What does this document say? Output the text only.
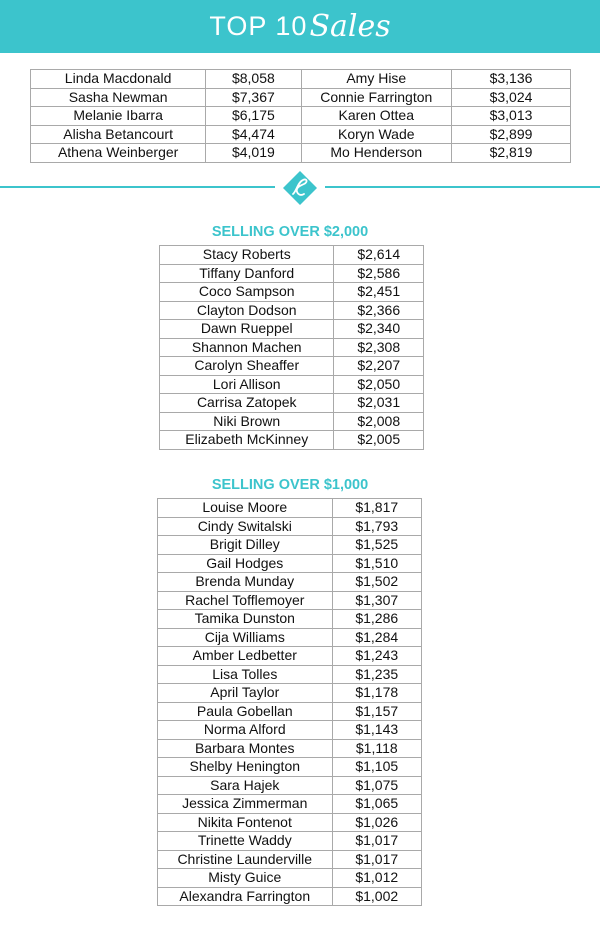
TOP 10 Sales
Linda Macdonald	$8,058	Amy Hise	$3,136
Sasha Newman	$7,367	Connie Farrington	$3,024
Melanie Ibarra	$6,175	Karen Ottea	$3,013
Alisha Betancourt	$4,474	Koryn Wade	$2,899
Athena Weinberger	$4,019	Mo Henderson	$2,819
SELLING OVER $2,000
Stacy Roberts	$2,614
Tiffany Danford	$2,586
Coco Sampson	$2,451
Clayton Dodson	$2,366
Dawn Rueppel	$2,340
Shannon Machen	$2,308
Carolyn Sheaffer	$2,207
Lori Allison	$2,050
Carrisa Zatopek	$2,031
Niki Brown	$2,008
Elizabeth McKinney	$2,005
SELLING OVER $1,000
Louise Moore	$1,817
Cindy Switalski	$1,793
Brigit Dilley	$1,525
Gail Hodges	$1,510
Brenda Munday	$1,502
Rachel Tofflemoyer	$1,307
Tamika Dunston	$1,286
Cija Williams	$1,284
Amber Ledbetter	$1,243
Lisa Tolles	$1,235
April Taylor	$1,178
Paula Gobellan	$1,157
Norma Alford	$1,143
Barbara Montes	$1,118
Shelby Henington	$1,105
Sara Hajek	$1,075
Jessica Zimmerman	$1,065
Nikita Fontenot	$1,026
Trinette Waddy	$1,017
Christine Launderville	$1,017
Misty Guice	$1,012
Alexandra Farrington	$1,002
